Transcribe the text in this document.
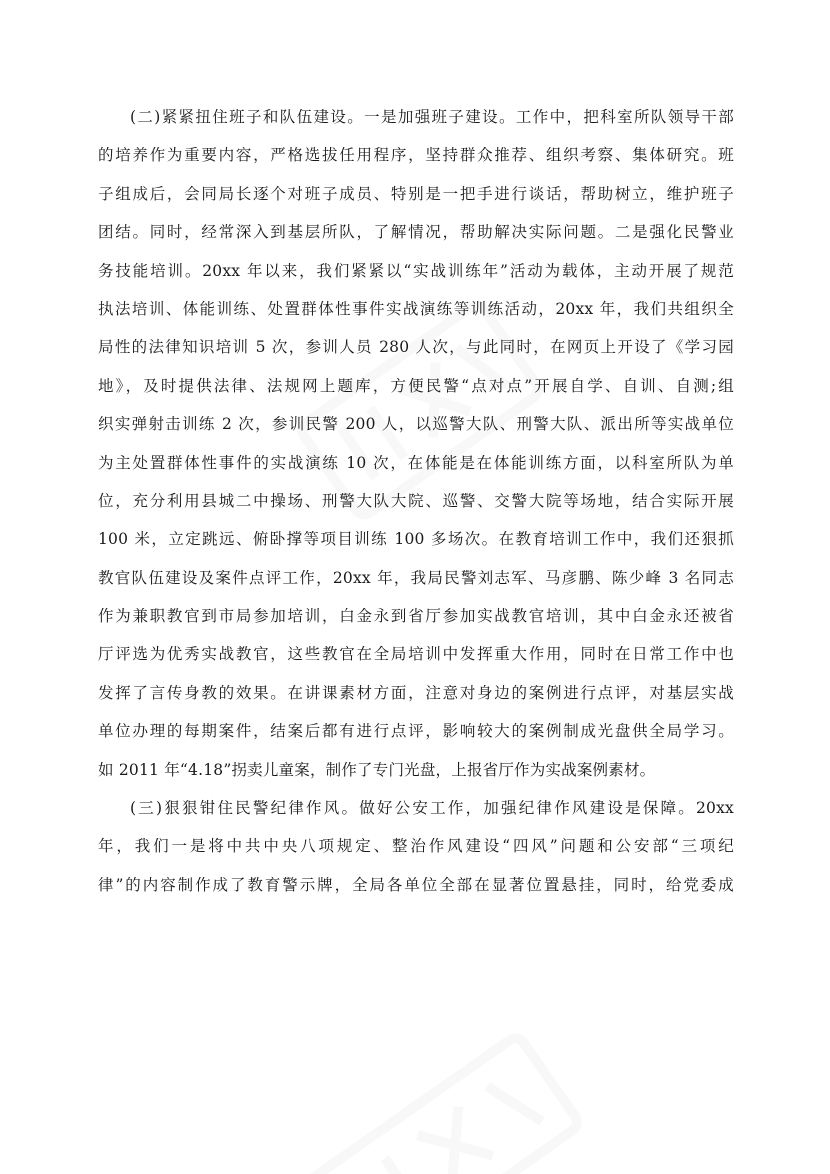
(二)紧紧扭住班子和队伍建设。一是加强班子建设。工作中，把科室所队领导干部
的培养作为重要内容，严格选拔任用程序，坚持群众推荐、组织考察、集体研究。班
子组成后，会同局长逐个对班子成员、特别是一把手进行谈话，帮助树立，维护班子
团结。同时，经常深入到基层所队，了解情况，帮助解决实际问题。二是强化民警业
务技能培训。20xx 年以来，我们紧紧以“实战训练年”活动为载体，主动开展了规范
执法培训、体能训练、处置群体性事件实战演练等训练活动，20xx 年，我们共组织全
局性的法律知识培训 5 次，参训人员 280 人次，与此同时，在网页上开设了《学习园
地》，及时提供法律、法规网上题库，方便民警“点对点”开展自学、自训、自测;组
织实弹射击训练 2 次，参训民警 200 人，以巡警大队、刑警大队、派出所等实战单位
为主处置群体性事件的实战演练 10 次，在体能是在体能训练方面，以科室所队为单
位，充分利用县城二中操场、刑警大队大院、巡警、交警大院等场地，结合实际开展
100 米，立定跳远、俯卧撑等项目训练 100 多场次。在教育培训工作中，我们还狠抓
教官队伍建设及案件点评工作，20xx 年，我局民警刘志军、马彦鹏、陈少峰 3 名同志
作为兼职教官到市局参加培训，白金永到省厅参加实战教官培训，其中白金永还被省
厅评选为优秀实战教官，这些教官在全局培训中发挥重大作用，同时在日常工作中也
发挥了言传身教的效果。在讲课素材方面，注意对身边的案例进行点评，对基层实战
单位办理的每期案件，结案后都有进行点评，影响较大的案例制成光盘供全局学习。
如 2011 年“4.18”拐卖儿童案，制作了专门光盘，上报省厅作为实战案例素材。
(三)狠狠钳住民警纪律作风。做好公安工作，加强纪律作风建设是保障。20xx
年，我们一是将中共中央八项规定、整治作风建设“四风”问题和公安部“三项纪
律”的内容制作成了教育警示牌，全局各单位全部在显著位置悬挂，同时，给党委成
